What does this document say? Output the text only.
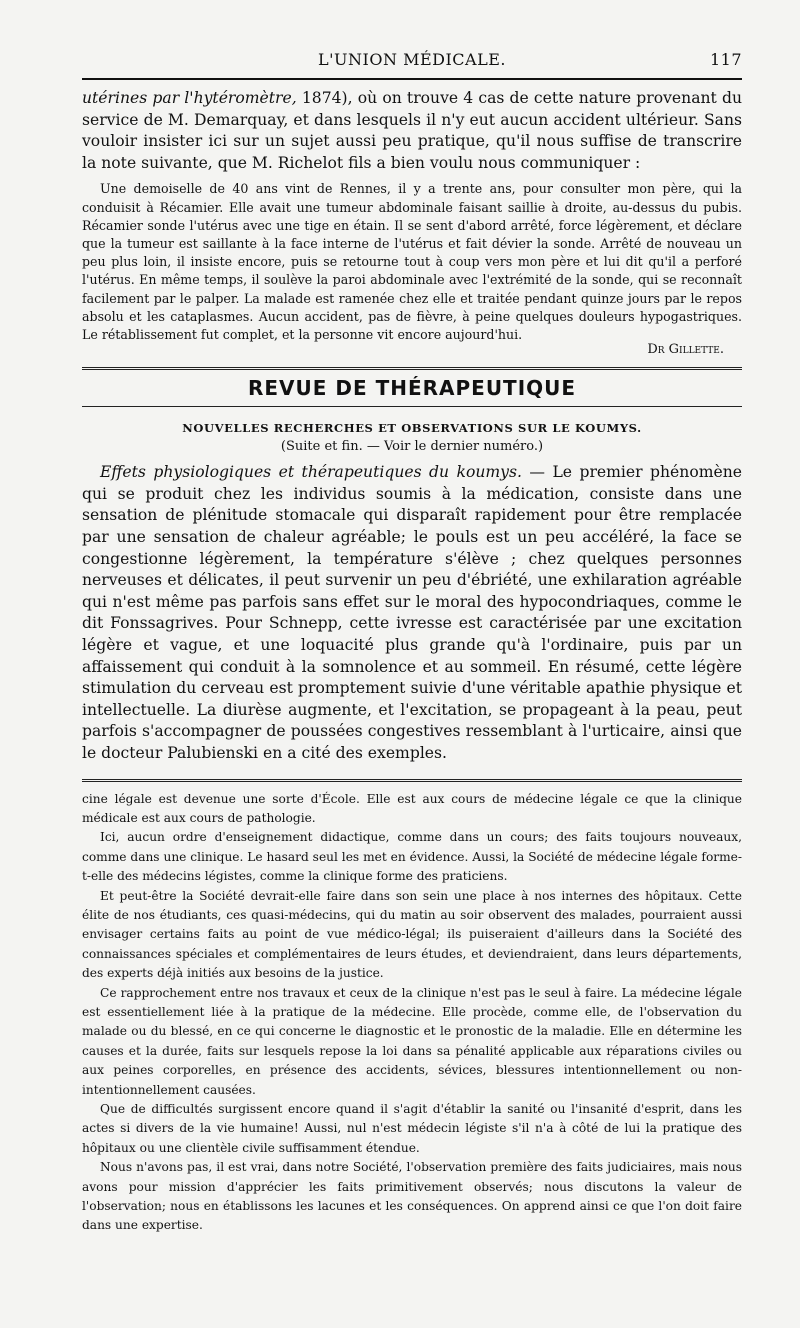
L'UNION MÉDICALE.	117

utérines par l'hytéromètre, 1874), où on trouve 4 cas de cette nature provenant du service de M. Demarquay, et dans lesquels il n'y eut aucun accident ultérieur. Sans vouloir insister ici sur un sujet aussi peu pratique, qu'il nous suffise de transcrire la note suivante, que M. Richelot fils a bien voulu nous communiquer :

Une demoiselle de 40 ans vint de Rennes, il y a trente ans, pour consulter mon père, qui la conduisit à Récamier. Elle avait une tumeur abdominale faisant saillie à droite, au-dessus du pubis. Récamier sonde l'utérus avec une tige en étain. Il se sent d'abord arrêté, force légèrement, et déclare que la tumeur est saillante à la face interne de l'utérus et fait dévier la sonde. Arrêté de nouveau un peu plus loin, il insiste encore, puis se retourne tout à coup vers mon père et lui dit qu'il a perforé l'utérus. En même temps, il soulève la paroi abdominale avec l'extrémité de la sonde, qui se reconnaît facilement par le palper. La malade est ramenée chez elle et traitée pendant quinze jours par le repos absolu et les cataplasmes. Aucun accident, pas de fièvre, à peine quelques douleurs hypogastriques. Le rétablissement fut complet, et la personne vit encore aujourd'hui.

Dr Gillette.
REVUE DE THÉRAPEUTIQUE
NOUVELLES RECHERCHES ET OBSERVATIONS SUR LE KOUMYS.
(Suite et fin. — Voir le dernier numéro.)

Effets physiologiques et thérapeutiques du koumys. — Le premier phénomène qui se produit chez les individus soumis à la médication, consiste dans une sensation de plénitude stomacale qui disparaît rapidement pour être remplacée par une sensation de chaleur agréable; le pouls est un peu accéléré, la face se congestionne légèrement, la température s'élève ; chez quelques personnes nerveuses et délicates, il peut survenir un peu d'ébriété, une exhilaration agréable qui n'est même pas parfois sans effet sur le moral des hypocondriaques, comme le dit Fonssagrives. Pour Schnepp, cette ivresse est caractérisée par une excitation légère et vague, et une loquacité plus grande qu'à l'ordinaire, puis par un affaissement qui conduit à la somnolence et au sommeil. En résumé, cette légère stimulation du cerveau est promptement suivie d'une véritable apathie physique et intellectuelle. La diurèse augmente, et l'excitation, se propageant à la peau, peut parfois s'accompagner de poussées congestives ressemblant à l'urticaire, ainsi que le docteur Palubienski en a cité des exemples.

cine légale est devenue une sorte d'École. Elle est aux cours de médecine légale ce que la clinique médicale est aux cours de pathologie.

Ici, aucun ordre d'enseignement didactique, comme dans un cours; des faits toujours nouveaux, comme dans une clinique. Le hasard seul les met en évidence. Aussi, la Société de médecine légale forme-t-elle des médecins légistes, comme la clinique forme des praticiens.

Et peut-être la Société devrait-elle faire dans son sein une place à nos internes des hôpitaux. Cette élite de nos étudiants, ces quasi-médecins, qui du matin au soir observent des malades, pourraient aussi envisager certains faits au point de vue médico-légal; ils puiseraient d'ailleurs dans la Société des connaissances spéciales et complémentaires de leurs études, et deviendraient, dans leurs départements, des experts déjà initiés aux besoins de la justice.

Ce rapprochement entre nos travaux et ceux de la clinique n'est pas le seul à faire. La médecine légale est essentiellement liée à la pratique de la médecine. Elle procède, comme elle, de l'observation du malade ou du blessé, en ce qui concerne le diagnostic et le pronostic de la maladie. Elle en détermine les causes et la durée, faits sur lesquels repose la loi dans sa pénalité applicable aux réparations civiles ou aux peines corporelles, en présence des accidents, sévices, blessures intentionnellement ou non-intentionnellement causées.

Que de difficultés surgissent encore quand il s'agit d'établir la sanité ou l'insanité d'esprit, dans les actes si divers de la vie humaine! Aussi, nul n'est médecin légiste s'il n'a à côté de lui la pratique des hôpitaux ou une clientèle civile suffisamment étendue.

Nous n'avons pas, il est vrai, dans notre Société, l'observation première des faits judiciaires, mais nous avons pour mission d'apprécier les faits primitivement observés; nous discutons la valeur de l'observation; nous en établissons les lacunes et les conséquences. On apprend ainsi ce que l'on doit faire dans une expertise.
